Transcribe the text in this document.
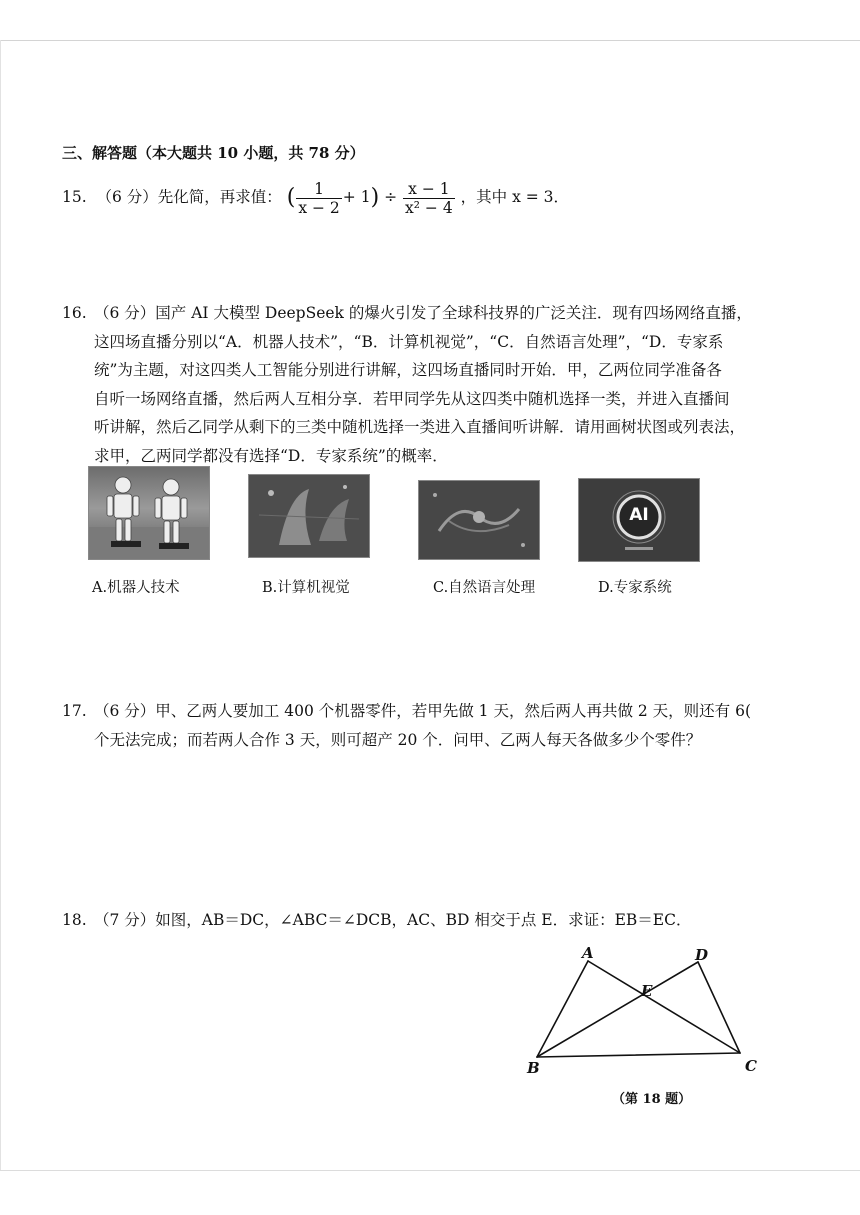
三、解答题（本大题共 10 小题，共 78 分）
15. （6 分）先化简，再求值： ( $\frac{1}{x - 2} + 1) \div \frac{x - 1}{\text{x² − 4}}$ ，其中 x = 3．
16. （6 分）国产 AI 大模型 DeepSeek 的爆火引发了全球科技界的广泛关注．现有四场网络直播，
这四场直播分别以“A．机器人技术”，“B．计算机视觉”，“C．自然语言处理”，“D．专家系
统”为主题，对这四类人工智能分别进行讲解，这四场直播同时开始．甲，乙两位同学准备各
自听一场网络直播，然后两人互相分享．若甲同学先从这四类中随机选择一类，并进入直播间
听讲解，然后乙同学从剩下的三类中随机选择一类进入直播间听讲解．请用画树状图或列表法，
求甲，乙两同学都没有选择“D．专家系统”的概率．
AI
A.机器人技术	B.计算机视觉	C.自然语言处理	D.专家系统
17. （6 分）甲、乙两人要加工 400 个机器零件，若甲先做 1 天，然后两人再共做 2 天，则还有 6(
个无法完成；而若两人合作 3 天，则可超产 20 个．问甲、乙两人每天各做多少个零件？
18. （7 分）如图，AB＝DC，∠ABC＝∠DCB，AC、BD 相交于点 E．求证：EB＝EC．
A	D
E
B	C
（第 18 题）
